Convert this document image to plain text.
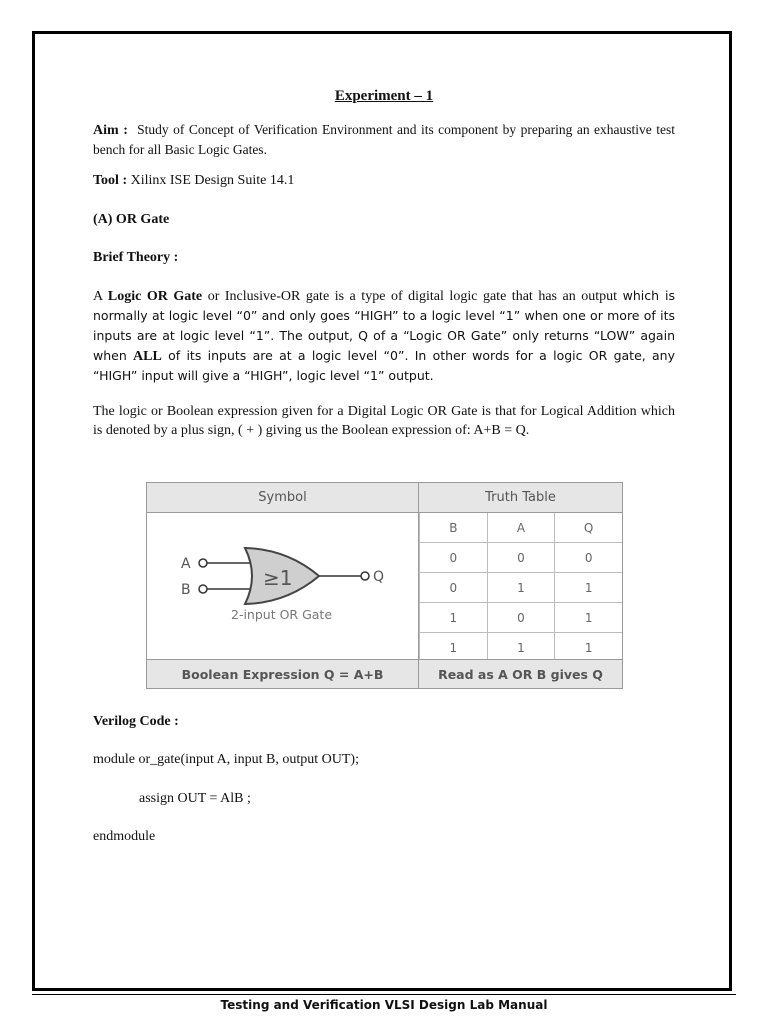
Experiment – 1
Aim : Study of Concept of Verification Environment and its component by preparing an exhaustive test bench for all Basic Logic Gates.
Tool : Xilinx ISE Design Suite 14.1
(A) OR Gate
Brief Theory :
A Logic OR Gate or Inclusive-OR gate is a type of digital logic gate that has an output which is normally at logic level “0” and only goes “HIGH” to a logic level “1” when one or more of its inputs are at logic level “1”. The output, Q of a “Logic OR Gate” only returns “LOW” again when ALL of its inputs are at a logic level “0”. In other words for a logic OR gate, any “HIGH” input will give a “HIGH”, logic level “1” output.
The logic or Boolean expression given for a Digital Logic OR Gate is that for Logical Addition which is denoted by a plus sign, ( + ) giving us the Boolean expression of: A+B = Q.
Symbol	Truth Table
A
B	≥1	Q
2-input OR Gate
B	A	Q
0	0	0
0	1	1
1	0	1
1	1	1
Boolean Expression Q = A+B	Read as A OR B gives Q
Verilog Code :
module or_gate(input A, input B, output OUT);
assign OUT = AlB ;
endmodule
Testing and Verification VLSI Design Lab Manual
